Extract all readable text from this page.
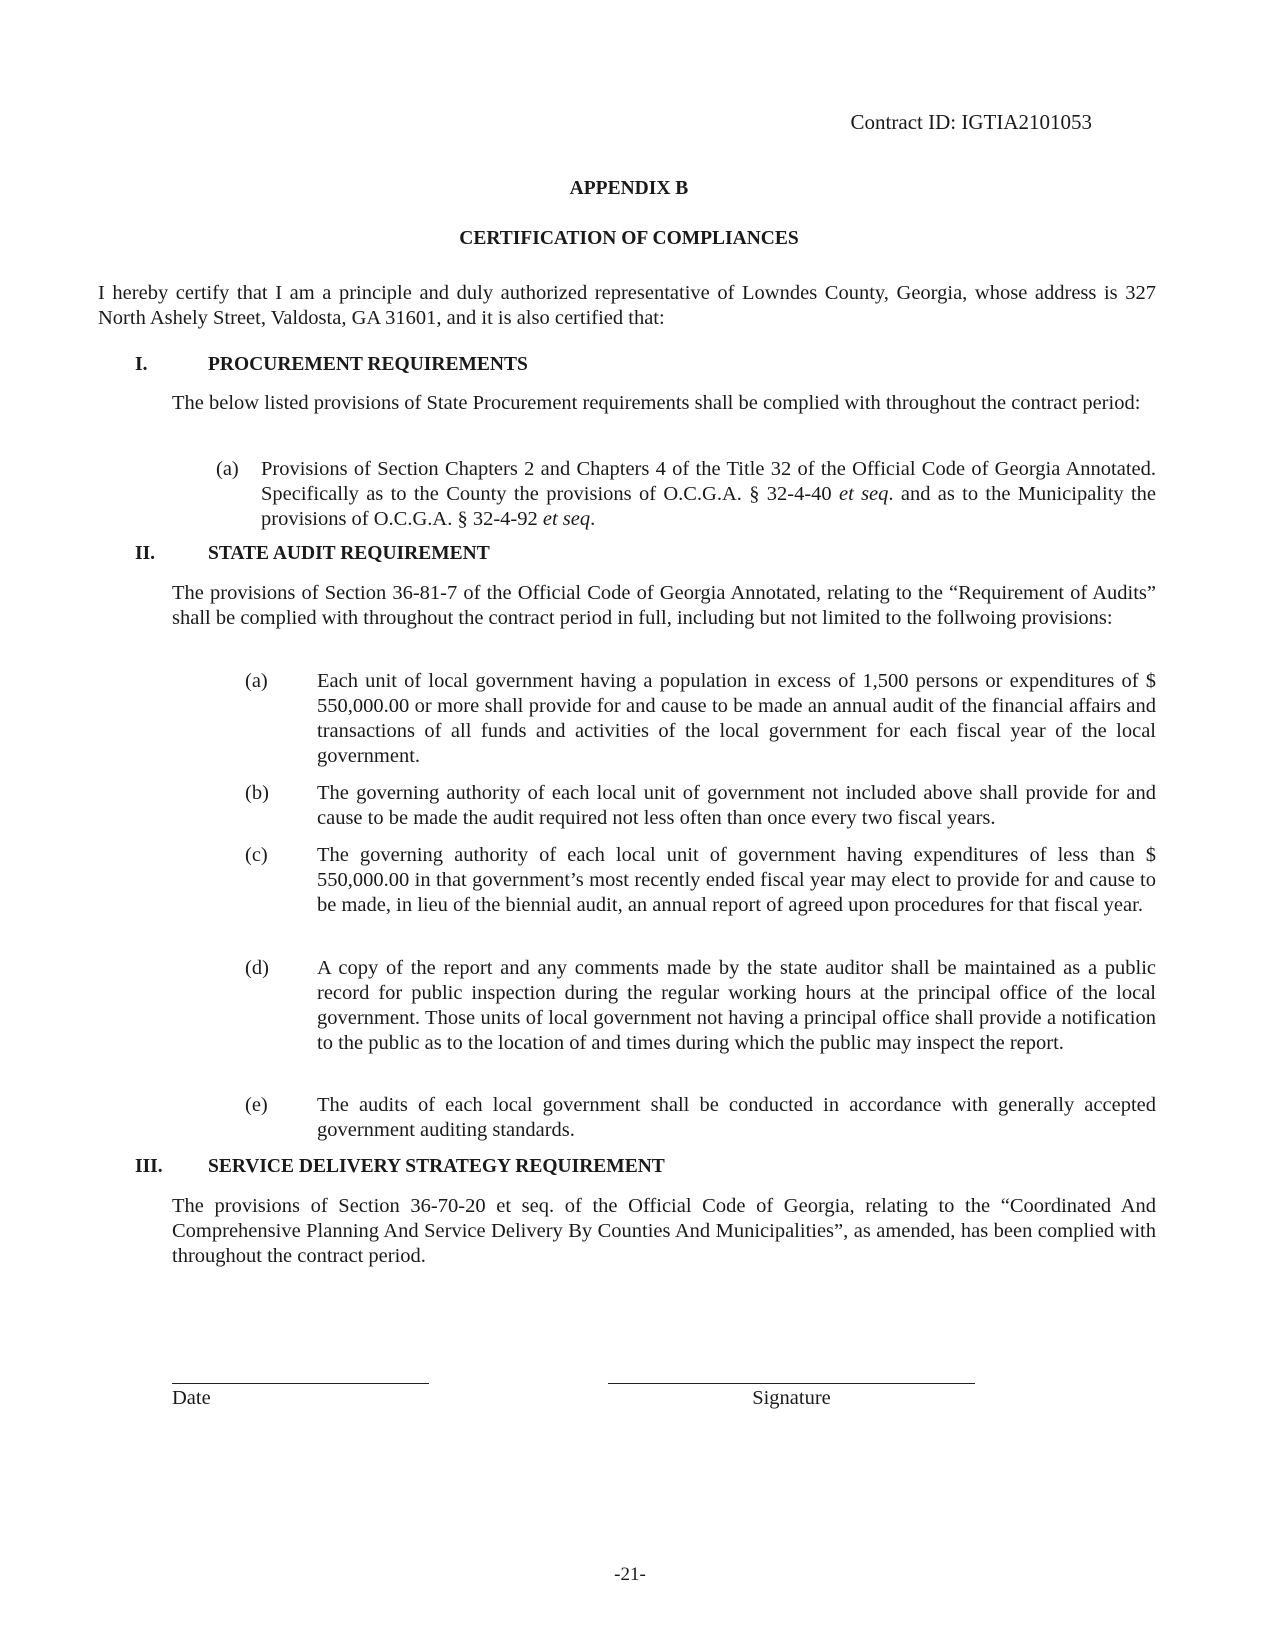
Contract ID: IGTIA2101053
APPENDIX B
CERTIFICATION OF COMPLIANCES
I hereby certify that I am a principle and duly authorized representative of Lowndes County, Georgia, whose address is 327 North Ashely Street, Valdosta, GA 31601, and it is also certified that:
I.	PROCUREMENT REQUIREMENTS
The below listed provisions of State Procurement requirements shall be complied with throughout the contract period:
(a) Provisions of Section Chapters 2 and Chapters 4 of the Title 32 of the Official Code of Georgia Annotated. Specifically as to the County the provisions of O.C.G.A. § 32-4-40 et seq. and as to the Municipality the provisions of O.C.G.A. § 32-4-92 et seq.
II.	STATE AUDIT REQUIREMENT
The provisions of Section 36-81-7 of the Official Code of Georgia Annotated, relating to the “Requirement of Audits” shall be complied with throughout the contract period in full, including but not limited to the follwoing provisions:
(a) Each unit of local government having a population in excess of 1,500 persons or expenditures of $ 550,000.00 or more shall provide for and cause to be made an annual audit of the financial affairs and transactions of all funds and activities of the local government for each fiscal year of the local government.
(b) The governing authority of each local unit of government not included above shall provide for and cause to be made the audit required not less often than once every two fiscal years.
(c) The governing authority of each local unit of government having expenditures of less than $ 550,000.00 in that government’s most recently ended fiscal year may elect to provide for and cause to be made, in lieu of the biennial audit, an annual report of agreed upon procedures for that fiscal year.
(d) A copy of the report and any comments made by the state auditor shall be maintained as a public record for public inspection during the regular working hours at the principal office of the local government. Those units of local government not having a principal office shall provide a notification to the public as to the location of and times during which the public may inspect the report.
(e) The audits of each local government shall be conducted in accordance with generally accepted government auditing standards.
III. SERVICE DELIVERY STRATEGY REQUIREMENT
The provisions of Section 36-70-20 et seq. of the Official Code of Georgia, relating to the “Coordinated And Comprehensive Planning And Service Delivery By Counties And Municipalities”, as amended, has been complied with throughout the contract period.
Date	Signature
-21-
